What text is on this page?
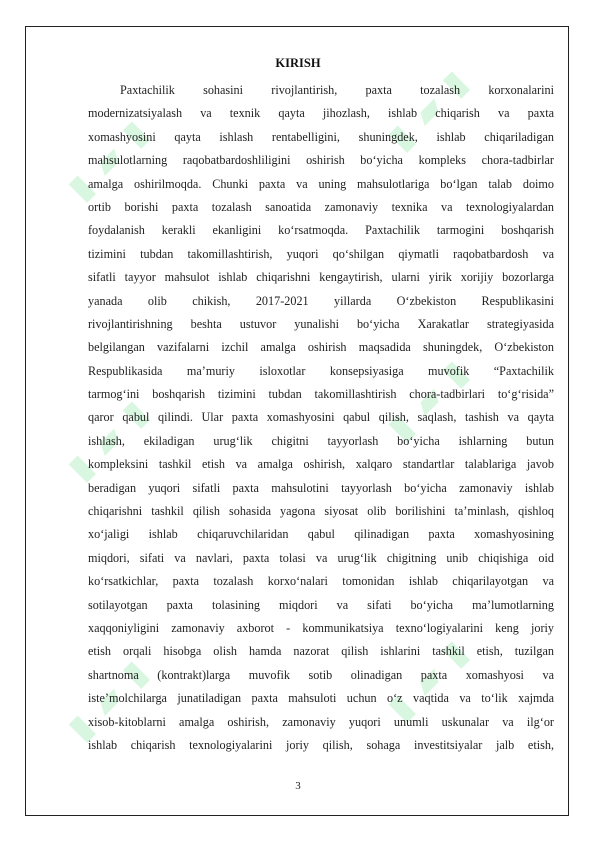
▮ ▰ ▮
▮ ▰ ▮
▮ ▰ ▮	▮ ▰ ▮
▮ ▰ ▮	▮ ▰ ▮
KIRISH
Paxtachilik sohasini rivojlantirish, paxta tozalash korxonalarini
modernizatsiyalash va texnik qayta jihozlash, ishlab chiqarish va paxta
xomashyosini qayta ishlash rentabelligini, shuningdek, ishlab chiqariladigan
mahsulotlarning raqobatbardoshliligini oshirish bo‘yicha kompleks chora-tadbirlar
amalga oshirilmoqda. Chunki paxta va uning mahsulotlariga bo‘lgan talab doimo
ortib borishi paxta tozalash sanoatida zamonaviy texnika va texnologiyalardan
foydalanish kerakli ekanligini ko‘rsatmoqda. Paxtachilik tarmogini boshqarish
tizimini tubdan takomillashtirish, yuqori qo‘shilgan qiymatli raqobatbardosh va
sifatli tayyor mahsulot ishlab chiqarishni kengaytirish, ularni yirik xorijiy bozorlarga
yanada olib chikish, 2017-2021 yillarda O‘zbekiston Respublikasini
rivojlantirishning beshta ustuvor yunalishi bo‘yicha Xarakatlar strategiyasida
belgilangan vazifalarni izchil amalga oshirish maqsadida shuningdek, O‘zbekiston
Respublikasida ma’muriy isloxotlar konsepsiyasiga muvofik “Paxtachilik
tarmog‘ini boshqarish tizimini tubdan takomillashtirish chora-tadbirlari to‘g‘risida”
qaror qabul qilindi. Ular paxta xomashyosini qabul qilish, saqlash, tashish va qayta
ishlash, ekiladigan urug‘lik chigitni tayyorlash bo‘yicha ishlarning butun
kompleksini tashkil etish va amalga oshirish, xalqaro standartlar talablariga javob
beradigan yuqori sifatli paxta mahsulotini tayyorlash bo‘yicha zamonaviy ishlab
chiqarishni tashkil qilish sohasida yagona siyosat olib borilishini ta’minlash, qishloq
xo‘jaligi ishlab chiqaruvchilaridan qabul qilinadigan paxta xomashyosining
miqdori, sifati va navlari, paxta tolasi va urug‘lik chigitning unib chiqishiga oid
ko‘rsatkichlar, paxta tozalash korxo‘nalari tomonidan ishlab chiqarilayotgan va
sotilayotgan paxta tolasining miqdori va sifati bo‘yicha ma’lumotlarning
xaqqoniyligini zamonaviy axborot - kommunikatsiya texno‘logiyalarini keng joriy
etish orqali hisobga olish hamda nazorat qilish ishlarini tashkil etish, tuzilgan
shartnoma (kontrakt)larga muvofik sotib olinadigan paxta xomashyosi va
iste’molchilarga junatiladigan paxta mahsuloti uchun o‘z vaqtida va to‘lik xajmda
xisob-kitoblarni amalga oshirish, zamonaviy yuqori unumli uskunalar va ilg‘or
ishlab chiqarish texnologiyalarini joriy qilish, sohaga investitsiyalar jalb etish,
3
